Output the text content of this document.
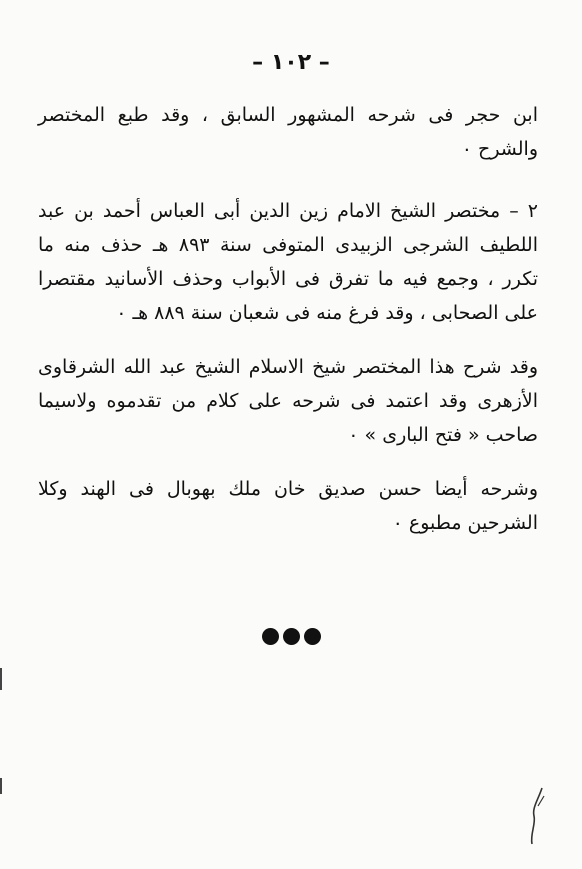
– ١٠٢ –

ابن حجر فى شرحه المشهور السابق ، وقد طبع المختصر والشرح ٠

٢ – مختصر الشيخ الامام زين الدين أبى العباس أحمد بن عبد اللطيف الشرجى الزبيدى المتوفى سنة ٨٩٣ هـ حذف منه ما تكرر ، وجمع فيه ما تفرق فى الأبواب وحذف الأسانيد مقتصرا على الصحابى ، وقد فرغ منه فى شعبان سنة ٨٨٩ هـ ٠

وقد شرح هذا المختصر شيخ الاسلام الشيخ عبد الله الشرقاوى الأزهرى وقد اعتمد فى شرحه على كلام من تقدموه ولاسيما صاحب « فتح البارى » ٠

وشرحه أيضا حسن صديق خان ملك بهوبال فى الهند وكلا الشرحين مطبوع ٠
